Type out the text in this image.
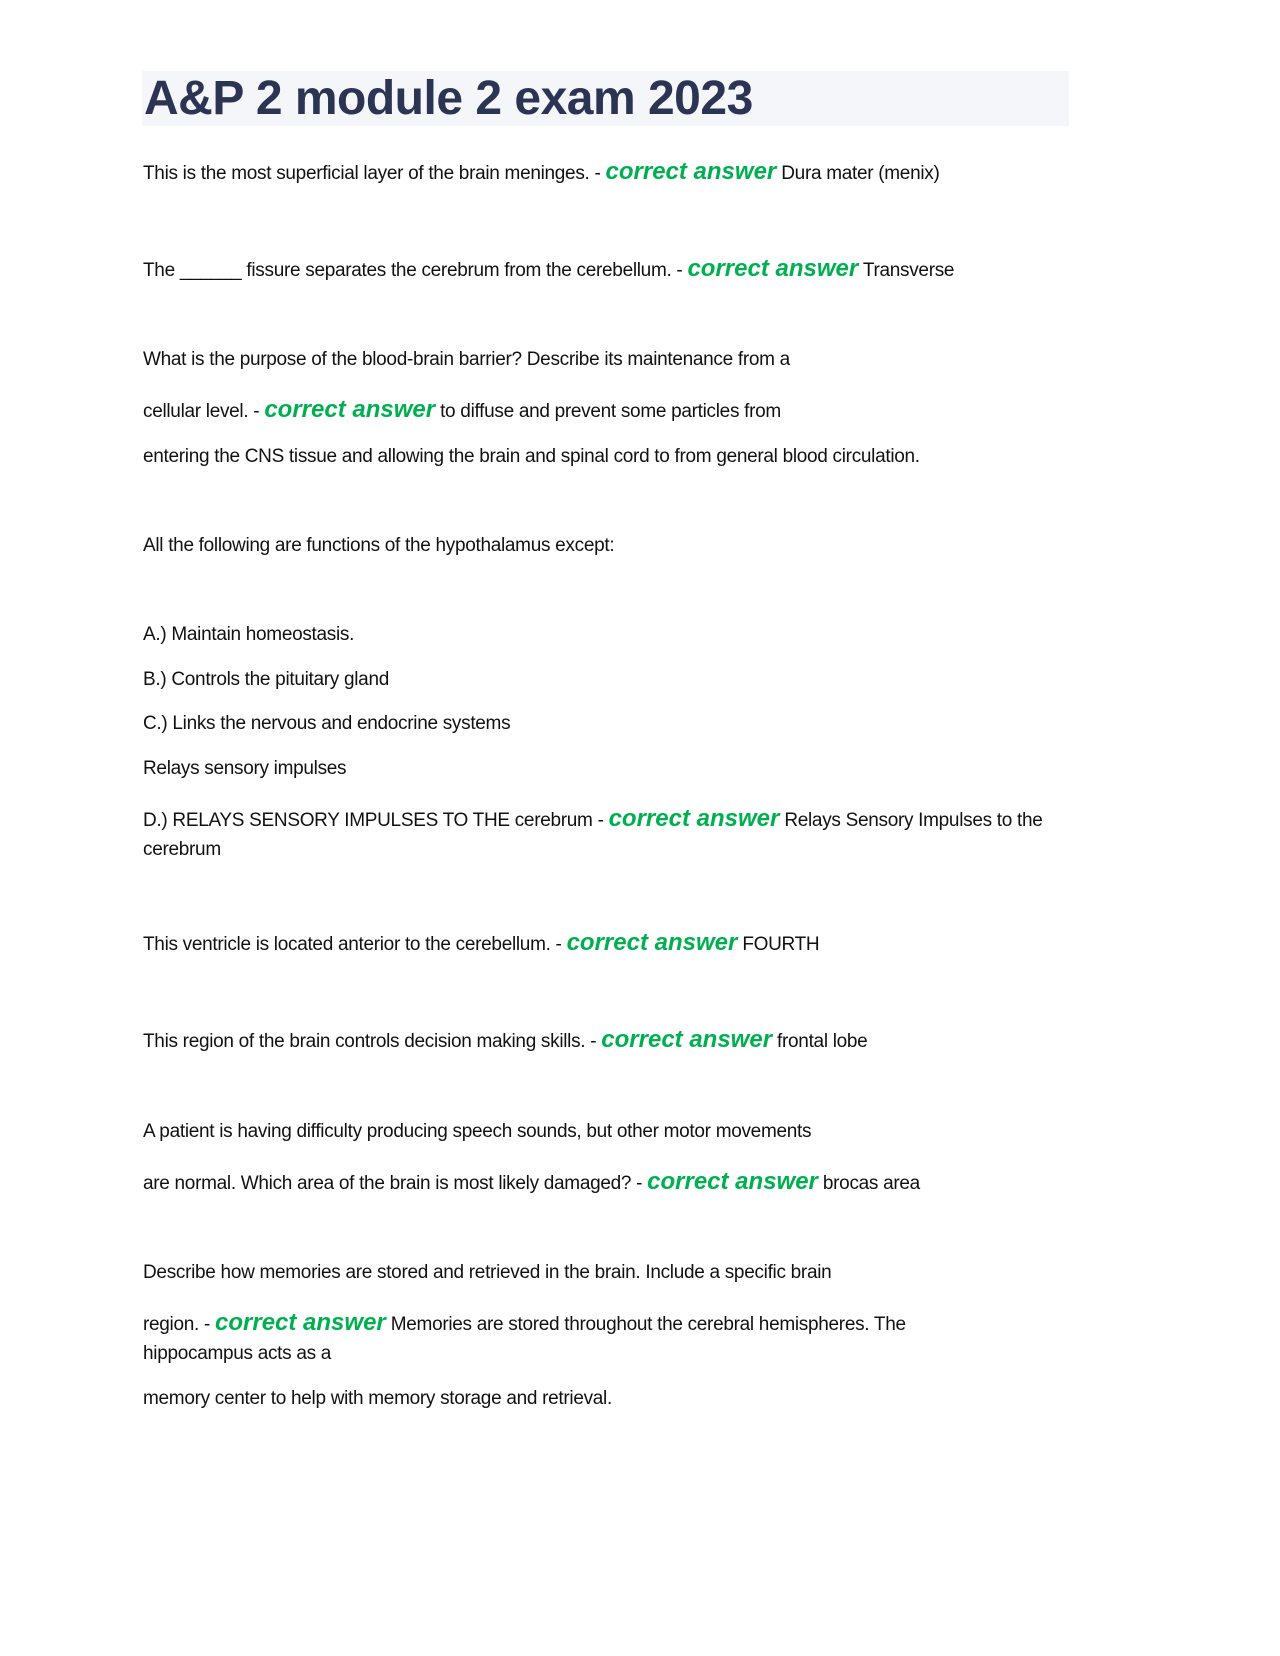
A&P 2 module 2 exam 2023
This is the most superficial layer of the brain meninges. - correct answer Dura mater (menix)
The ______ fissure separates the cerebrum from the cerebellum. - correct answer Transverse
What is the purpose of the blood-brain barrier? Describe its maintenance from a
cellular level. - correct answer to diffuse and prevent some particles from
entering the CNS tissue and allowing the brain and spinal cord to from general blood circulation.
All the following are functions of the hypothalamus except:
A.) Maintain homeostasis.
B.) Controls the pituitary gland
C.) Links the nervous and endocrine systems
Relays sensory impulses
D.) RELAYS SENSORY IMPULSES TO THE cerebrum - correct answer Relays Sensory Impulses to the
cerebrum
This ventricle is located anterior to the cerebellum. - correct answer FOURTH
This region of the brain controls decision making skills. - correct answer frontal lobe
A patient is having difficulty producing speech sounds, but other motor movements
are normal. Which area of the brain is most likely damaged? - correct answer brocas area
Describe how memories are stored and retrieved in the brain. Include a specific brain
region. - correct answer Memories are stored throughout the cerebral hemispheres. The
hippocampus acts as a
memory center to help with memory storage and retrieval.
